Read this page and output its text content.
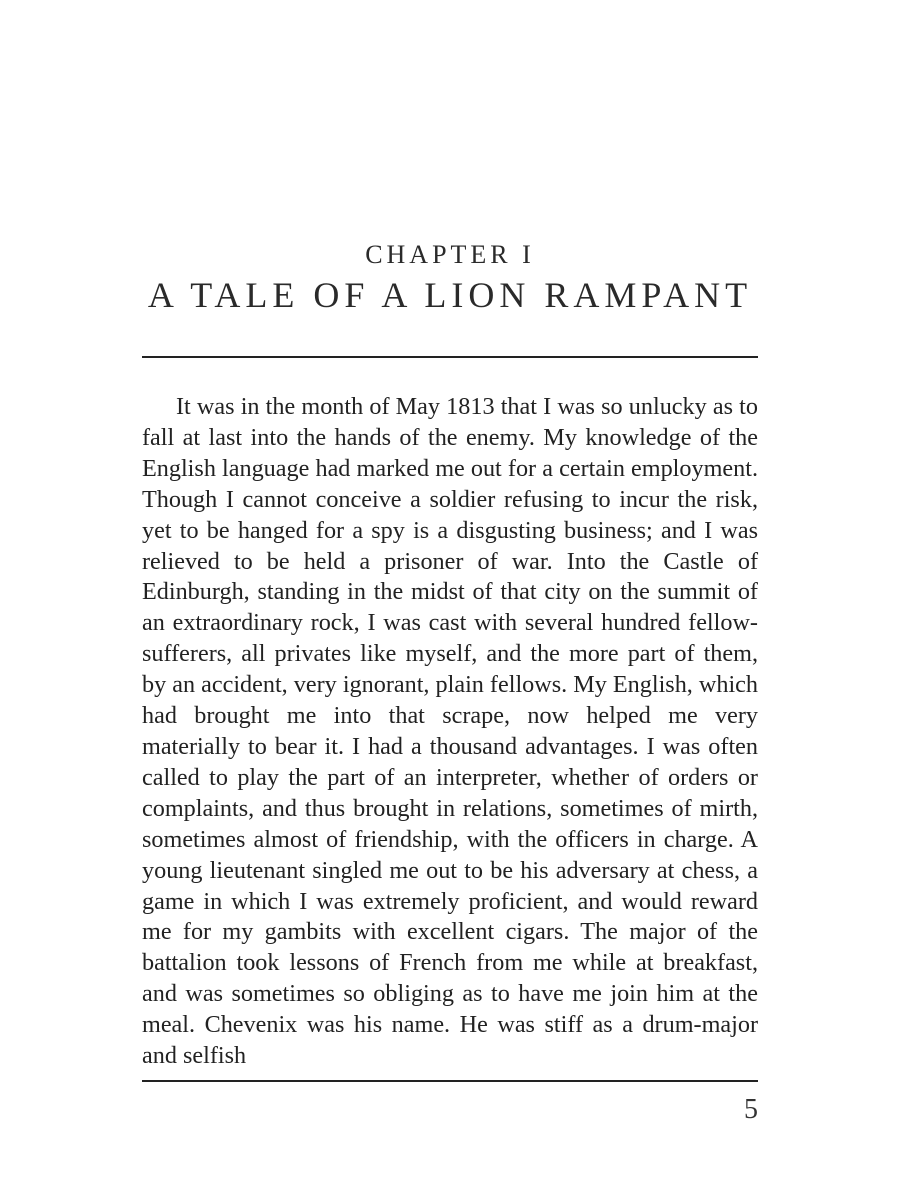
CHAPTER I
A TALE OF A LION RAMPANT

It was in the month of May 1813 that I was so unlucky as to fall at last into the hands of the enemy. My knowledge of the English language had marked me out for a certain employment. Though I cannot conceive a soldier refusing to incur the risk, yet to be hanged for a spy is a disgusting business; and I was relieved to be held a prisoner of war. Into the Castle of Edinburgh, standing in the midst of that city on the summit of an extraordinary rock, I was cast with several hundred fellow-sufferers, all privates like myself, and the more part of them, by an accident, very ignorant, plain fellows. My English, which had brought me into that scrape, now helped me very materially to bear it. I had a thousand advantages. I was often called to play the part of an interpreter, whether of orders or complaints, and thus brought in relations, sometimes of mirth, sometimes almost of friendship, with the officers in charge. A young lieutenant singled me out to be his adversary at chess, a game in which I was extremely proficient, and would reward me for my gambits with excellent cigars. The major of the battalion took lessons of French from me while at breakfast, and was sometimes so obliging as to have me join him at the meal. Chevenix was his name. He was stiff as a drum-major and selfish

5
